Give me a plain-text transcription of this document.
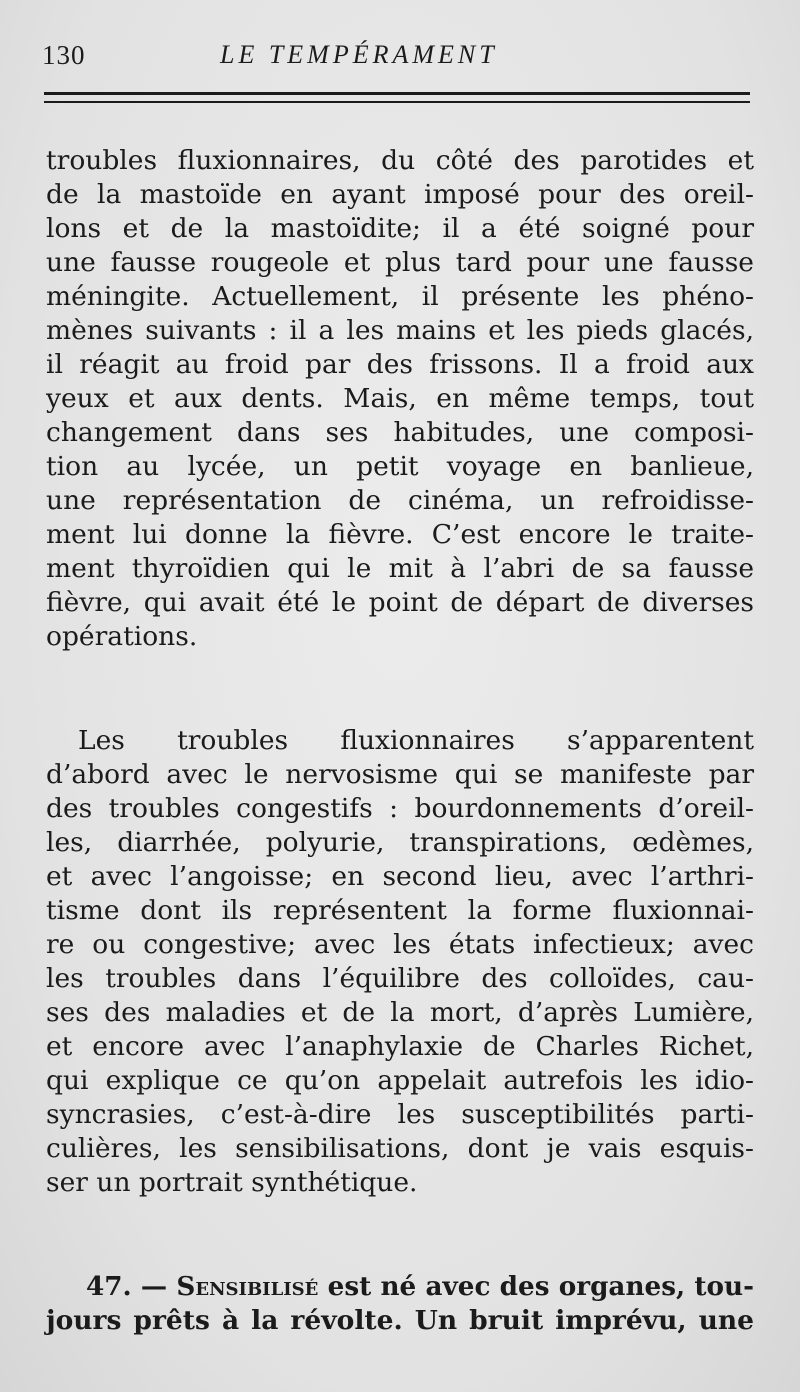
130	LE TEMPÉRAMENT
troubles fluxionnaires, du côté des parotides et
de la mastoïde en ayant imposé pour des oreil-
lons et de la mastoïdite; il a été soigné pour
une fausse rougeole et plus tard pour une fausse
méningite. Actuellement, il présente les phéno-
mènes suivants : il a les mains et les pieds glacés,
il réagit au froid par des frissons. Il a froid aux
yeux et aux dents. Mais, en même temps, tout
changement dans ses habitudes, une composi-
tion au lycée, un petit voyage en banlieue,
une représentation de cinéma, un refroidisse-
ment lui donne la fièvre. C’est encore le traite-
ment thyroïdien qui le mit à l’abri de sa fausse
fièvre, qui avait été le point de départ de diverses
opérations.
Les troubles fluxionnaires s’apparentent
d’abord avec le nervosisme qui se manifeste par
des troubles congestifs : bourdonnements d’oreil-
les, diarrhée, polyurie, transpirations, œdèmes,
et avec l’angoisse; en second lieu, avec l’arthri-
tisme dont ils représentent la forme fluxionnai-
re ou congestive; avec les états infectieux; avec
les troubles dans l’équilibre des colloïdes, cau-
ses des maladies et de la mort, d’après Lumière,
et encore avec l’anaphylaxie de Charles Richet,
qui explique ce qu’on appelait autrefois les idio-
syncrasies, c’est-à-dire les susceptibilités parti-
culières, les sensibilisations, dont je vais esquis-
ser un portrait synthétique.
47. — Sensibilisé est né avec des organes, tou-
jours prêts à la révolte. Un bruit imprévu, une
